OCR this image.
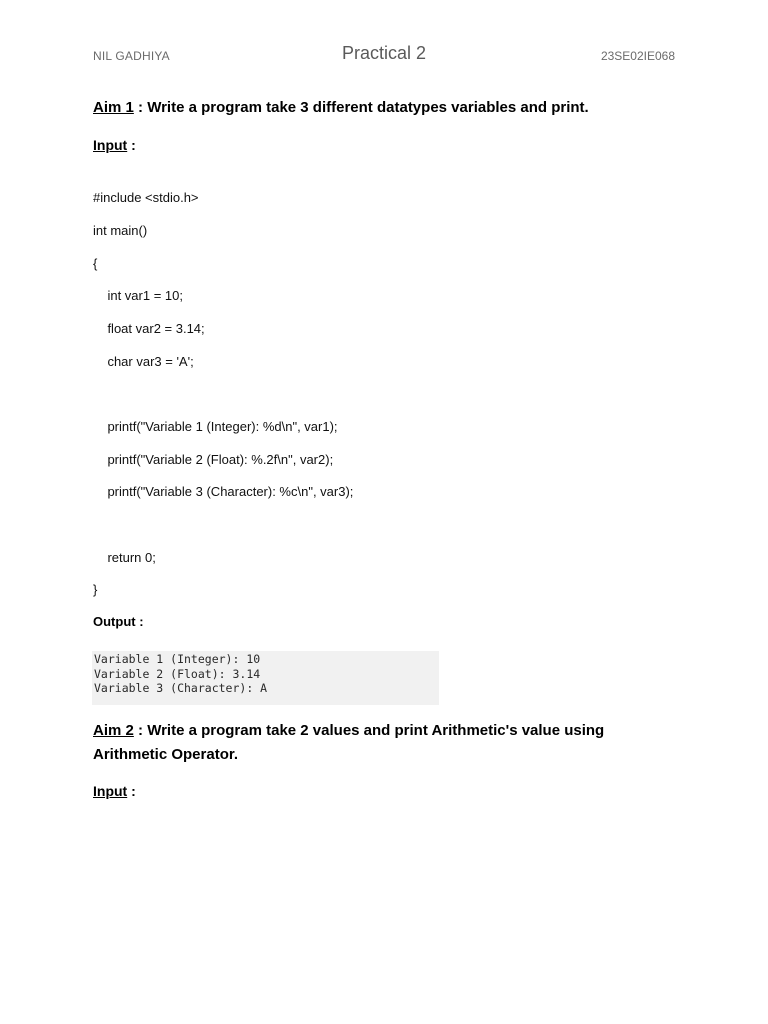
NIL GADHIYA	Practical 2	23SE02IE068
Aim 1 : Write a program take 3 different datatypes variables and print.
Input :
#include <stdio.h>
int main()
{
int var1 = 10;
float var2 = 3.14;
char var3 = 'A';
printf("Variable 1 (Integer): %d\n", var1);
printf("Variable 2 (Float): %.2f\n", var2);
printf("Variable 3 (Character): %c\n", var3);
return 0;
}
Output :
Variable 1 (Integer): 10
Variable 2 (Float): 3.14
Variable 3 (Character): A
Aim 2 : Write a program take 2 values and print Arithmetic's value using
Arithmetic Operator.
Input :
